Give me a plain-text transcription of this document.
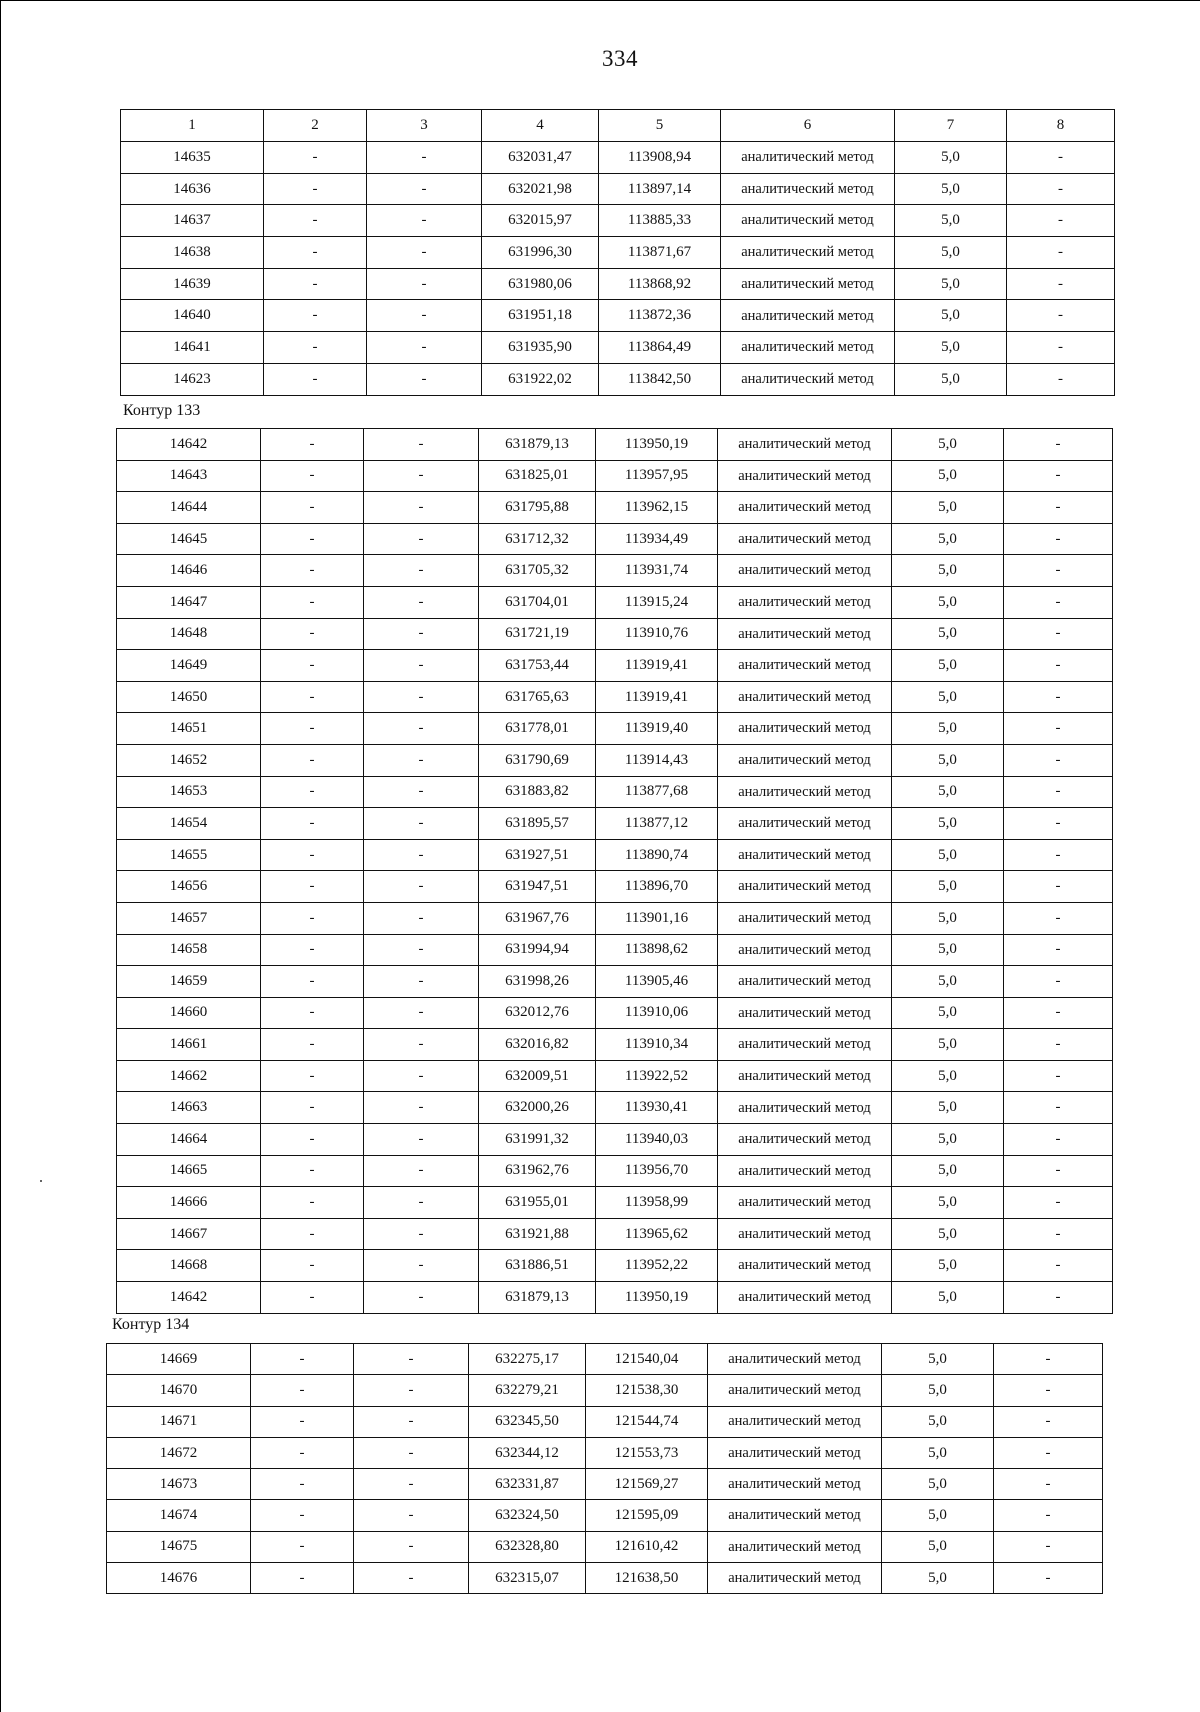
334
1	2	3	4	5	6	7	8
14635	-	-	632031,47	113908,94	аналитический метод	5,0	-
14636	-	-	632021,98	113897,14	аналитический метод	5,0	-
14637	-	-	632015,97	113885,33	аналитический метод	5,0	-
14638	-	-	631996,30	113871,67	аналитический метод	5,0	-
14639	-	-	631980,06	113868,92	аналитический метод	5,0	-
14640	-	-	631951,18	113872,36	аналитический метод	5,0	-
14641	-	-	631935,90	113864,49	аналитический метод	5,0	-
14623	-	-	631922,02	113842,50	аналитический метод	5,0	-
Контур 133
14642	-	-	631879,13	113950,19	аналитический метод	5,0	-
14643	-	-	631825,01	113957,95	аналитический метод	5,0	-
14644	-	-	631795,88	113962,15	аналитический метод	5,0	-
14645	-	-	631712,32	113934,49	аналитический метод	5,0	-
14646	-	-	631705,32	113931,74	аналитический метод	5,0	-
14647	-	-	631704,01	113915,24	аналитический метод	5,0	-
14648	-	-	631721,19	113910,76	аналитический метод	5,0	-
14649	-	-	631753,44	113919,41	аналитический метод	5,0	-
14650	-	-	631765,63	113919,41	аналитический метод	5,0	-
14651	-	-	631778,01	113919,40	аналитический метод	5,0	-
14652	-	-	631790,69	113914,43	аналитический метод	5,0	-
14653	-	-	631883,82	113877,68	аналитический метод	5,0	-
14654	-	-	631895,57	113877,12	аналитический метод	5,0	-
14655	-	-	631927,51	113890,74	аналитический метод	5,0	-
14656	-	-	631947,51	113896,70	аналитический метод	5,0	-
14657	-	-	631967,76	113901,16	аналитический метод	5,0	-
14658	-	-	631994,94	113898,62	аналитический метод	5,0	-
14659	-	-	631998,26	113905,46	аналитический метод	5,0	-
14660	-	-	632012,76	113910,06	аналитический метод	5,0	-
14661	-	-	632016,82	113910,34	аналитический метод	5,0	-
14662	-	-	632009,51	113922,52	аналитический метод	5,0	-
14663	-	-	632000,26	113930,41	аналитический метод	5,0	-
14664	-	-	631991,32	113940,03	аналитический метод	5,0	-
14665	-	-	631962,76	113956,70	аналитический метод	5,0	-
14666	-	-	631955,01	113958,99	аналитический метод	5,0	-
14667	-	-	631921,88	113965,62	аналитический метод	5,0	-
14668	-	-	631886,51	113952,22	аналитический метод	5,0	-
14642	-	-	631879,13	113950,19	аналитический метод	5,0	-
Контур 134
14669	-	-	632275,17	121540,04	аналитический метод	5,0	-
14670	-	-	632279,21	121538,30	аналитический метод	5,0	-
14671	-	-	632345,50	121544,74	аналитический метод	5,0	-
14672	-	-	632344,12	121553,73	аналитический метод	5,0	-
14673	-	-	632331,87	121569,27	аналитический метод	5,0	-
14674	-	-	632324,50	121595,09	аналитический метод	5,0	-
14675	-	-	632328,80	121610,42	аналитический метод	5,0	-
14676	-	-	632315,07	121638,50	аналитический метод	5,0	-
